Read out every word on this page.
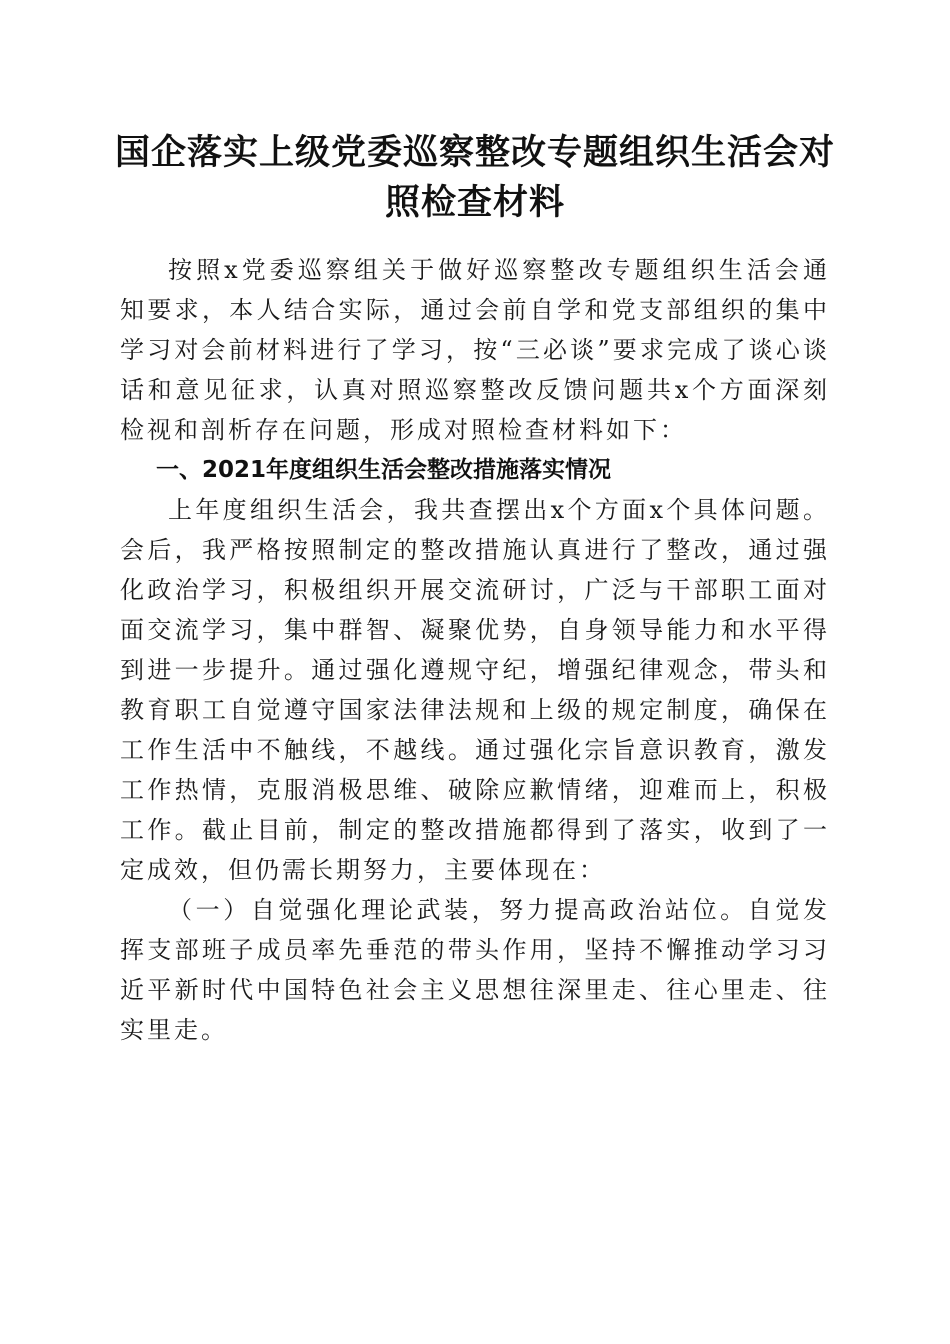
国企落实上级党委巡察整改专题组织生活会对照检查材料

按照x党委巡察组关于做好巡察整改专题组织生活会通知要求，本人结合实际，通过会前自学和党支部组织的集中学习对会前材料进行了学习，按“三必谈”要求完成了谈心谈话和意见征求，认真对照巡察整改反馈问题共x个方面深刻检视和剖析存在问题，形成对照检查材料如下：

一、2021年度组织生活会整改措施落实情况

上年度组织生活会，我共查摆出x个方面x个具体问题。会后，我严格按照制定的整改措施认真进行了整改，通过强化政治学习，积极组织开展交流研讨，广泛与干部职工面对面交流学习，集中群智、凝聚优势，自身领导能力和水平得到进一步提升。通过强化遵规守纪，增强纪律观念，带头和教育职工自觉遵守国家法律法规和上级的规定制度，确保在工作生活中不触线，不越线。通过强化宗旨意识教育，激发工作热情，克服消极思维、破除应歉情绪，迎难而上，积极工作。截止目前，制定的整改措施都得到了落实，收到了一定成效，但仍需长期努力，主要体现在：

（一）自觉强化理论武装，努力提高政治站位。自觉发挥支部班子成员率先垂范的带头作用，坚持不懈推动学习习近平新时代中国特色社会主义思想往深里走、往心里走、往实里走。
